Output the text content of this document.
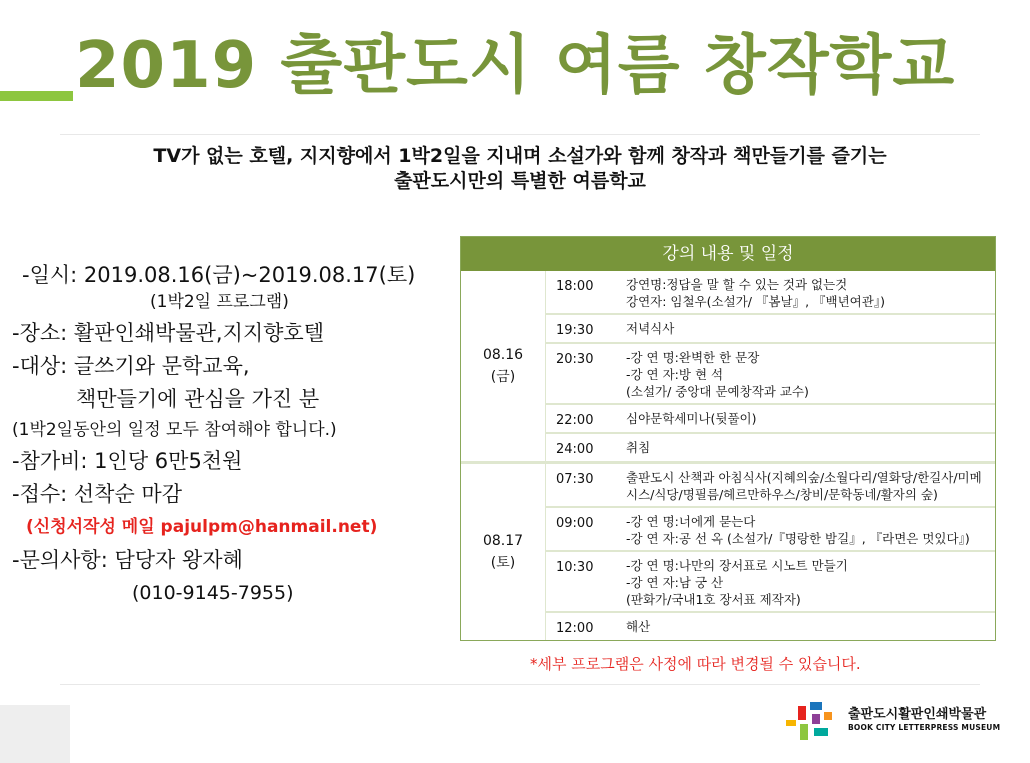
2019 출판도시 여름 창작학교
TV가 없는 호텔, 지지향에서 1박2일을 지내며 소설가와 함께 창작과 책만들기를 즐기는
출판도시만의 특별한 여름학교
-일시: 2019.08.16(금)~2019.08.17(토)
(1박2일 프로그램)
-장소: 활판인쇄박물관,지지향호텔
-대상: 글쓰기와 문학교육,
책만들기에 관심을 가진 분
(1박2일동안의 일정 모두 참여해야 합니다.)
-참가비: 1인당 6만5천원
-접수: 선착순 마감
(신청서작성 메일 pajulpm@hanmail.net)
-문의사항: 담당자 왕자혜
(010-9145-7955)
강의 내용 및 일정
08.16
(금)
18:00	강연명:정답을 말 할 수 있는 것과 없는것
강연자: 임철우(소설가/ 『봄날』, 『백년여관』)
19:30	저녁식사
20:30	-강 연 명:완벽한 한 문장
-강 연 자:방 현 석
(소설가/ 중앙대 문예창작과 교수)
22:00	심야문학세미나(뒷풀이)
24:00	취침
08.17
(토)
07:30	출판도시 산책과 아침식사(지혜의숲/소월다리/열화당/한길사/미메시스/식당/명필름/헤르만하우스/창비/문학동네/활자의 숲)
09:00	-강 연 명:너에게 묻는다
-강 연 자:공 선 옥 (소설가/『명랑한 밤길』, 『라면은 멋있다』)
10:30	-강 연 명:나만의 장서표로 시노트 만들기
-강 연 자:남 궁 산
(판화가/국내1호 장서표 제작자)
12:00	해산
*세부 프로그램은 사정에 따라 변경될 수 있습니다.
출판도시활판인쇄박물관
BOOK CITY LETTERPRESS MUSEUM
